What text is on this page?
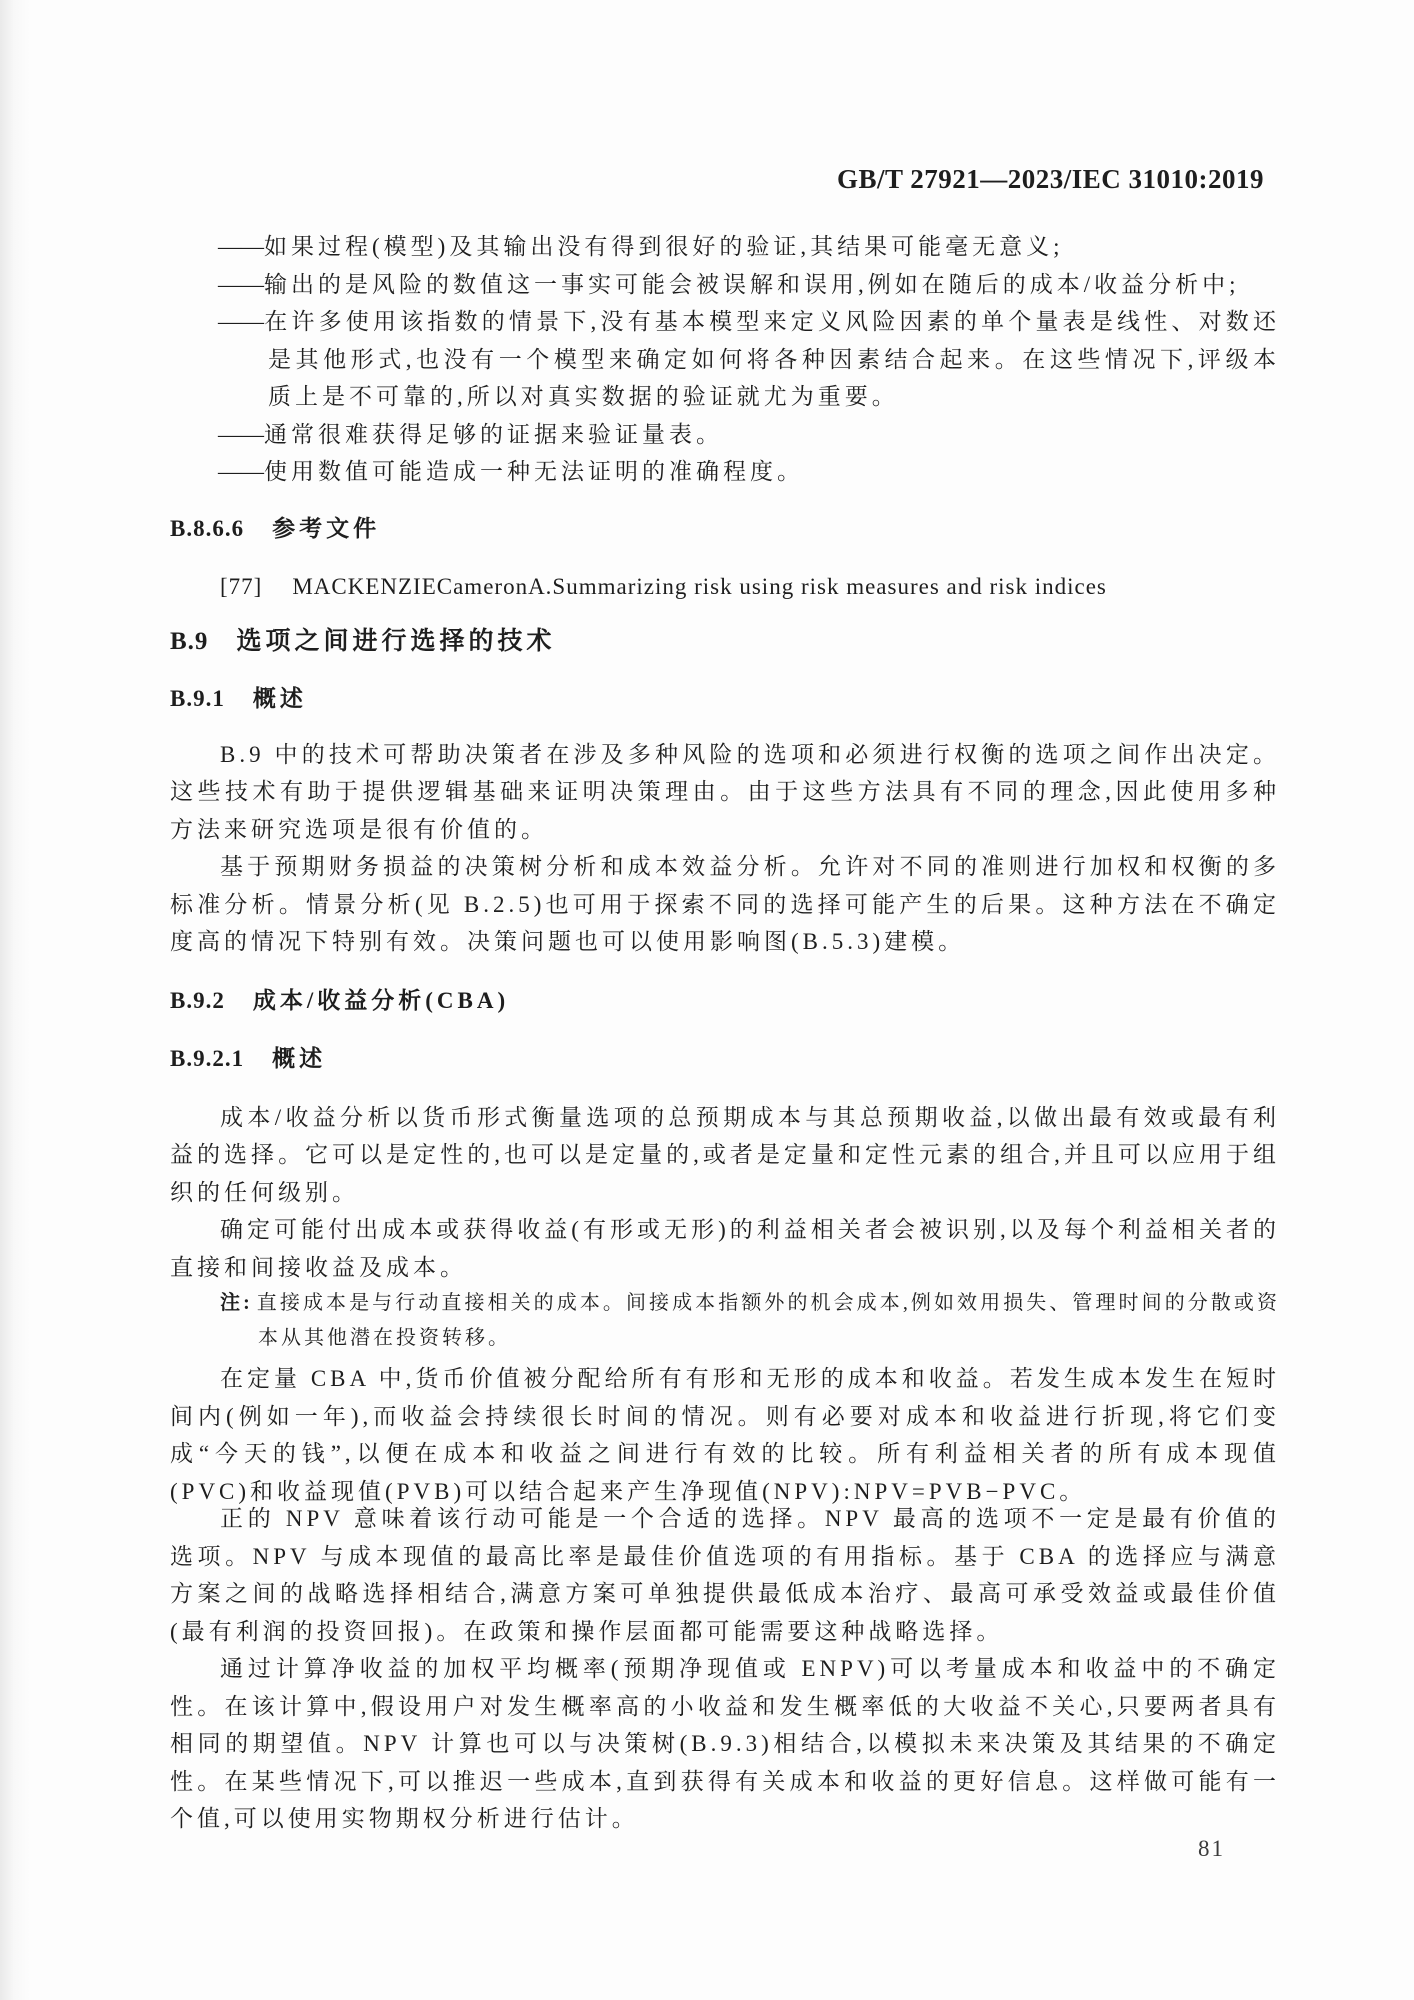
GB/T 27921—2023/IEC 31010:2019
——如果过程(模型)及其输出没有得到很好的验证,其结果可能毫无意义;
——输出的是风险的数值这一事实可能会被误解和误用,例如在随后的成本/收益分析中;
——在许多使用该指数的情景下,没有基本模型来定义风险因素的单个量表是线性、对数还是其他形式,也没有一个模型来确定如何将各种因素结合起来。在这些情况下,评级本质上是不可靠的,所以对真实数据的验证就尤为重要。
——通常很难获得足够的证据来验证量表。
——使用数值可能造成一种无法证明的准确程度。
B.8.6.6 参考文件

[77] MACKENZIECameronA.Summarizing risk using risk measures and risk indices

B.9 选项之间进行选择的技术
B.9.1 概述

B.9 中的技术可帮助决策者在涉及多种风险的选项和必须进行权衡的选项之间作出决定。这些技术有助于提供逻辑基础来证明决策理由。由于这些方法具有不同的理念,因此使用多种方法来研究选项是很有价值的。

基于预期财务损益的决策树分析和成本效益分析。允许对不同的准则进行加权和权衡的多标准分析。情景分析(见 B.2.5)也可用于探索不同的选择可能产生的后果。这种方法在不确定度高的情况下特别有效。决策问题也可以使用影响图(B.5.3)建模。

B.9.2 成本/收益分析(CBA)
B.9.2.1 概述

成本/收益分析以货币形式衡量选项的总预期成本与其总预期收益,以做出最有效或最有利益的选择。它可以是定性的,也可以是定量的,或者是定量和定性元素的组合,并且可以应用于组织的任何级别。

确定可能付出成本或获得收益(有形或无形)的利益相关者会被识别,以及每个利益相关者的直接和间接收益及成本。

注: 直接成本是与行动直接相关的成本。间接成本指额外的机会成本,例如效用损失、管理时间的分散或资本从其他潜在投资转移。

在定量 CBA 中,货币价值被分配给所有有形和无形的成本和收益。若发生成本发生在短时间内(例如一年),而收益会持续很长时间的情况。则有必要对成本和收益进行折现,将它们变成“今天的钱”,以便在成本和收益之间进行有效的比较。所有利益相关者的所有成本现值(PVC)和收益现值(PVB)可以结合起来产生净现值(NPV):NPV=PVB−PVC。

正的 NPV 意味着该行动可能是一个合适的选择。NPV 最高的选项不一定是最有价值的选项。NPV 与成本现值的最高比率是最佳价值选项的有用指标。基于 CBA 的选择应与满意方案之间的战略选择相结合,满意方案可单独提供最低成本治疗、最高可承受效益或最佳价值(最有利润的投资回报)。在政策和操作层面都可能需要这种战略选择。

通过计算净收益的加权平均概率(预期净现值或 ENPV)可以考量成本和收益中的不确定性。在该计算中,假设用户对发生概率高的小收益和发生概率低的大收益不关心,只要两者具有相同的期望值。NPV 计算也可以与决策树(B.9.3)相结合,以模拟未来决策及其结果的不确定性。在某些情况下,可以推迟一些成本,直到获得有关成本和收益的更好信息。这样做可能有一个值,可以使用实物期权分析进行估计。

81
